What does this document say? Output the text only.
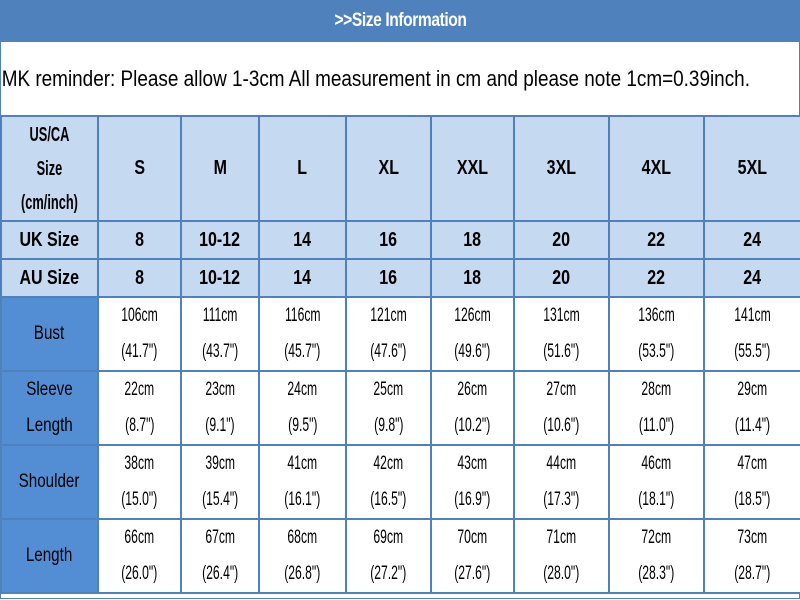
>>Size Information
MK reminder: Please allow 1-3cm All measurement in cm and please note 1cm=0.39inch.
US/CA
Size
(cm/inch)	S	M	L	XL	XXL	3XL	4XL	5XL
UK Size	8	10-12	14	16	18	20	22	24
AU Size	8	10-12	14	16	18	20	22	24
Bust	106cm(41.7")	111cm(43.7")	116cm(45.7")	121cm(47.6")	126cm(49.6")	131cm(51.6")	136cm(53.5")	141cm(55.5")
Sleeve Length	22cm(8.7")	23cm(9.1")	24cm(9.5")	25cm(9.8")	26cm(10.2")	27cm(10.6")	28cm(11.0")	29cm(11.4")
Shoulder	38cm(15.0")	39cm(15.4")	41cm(16.1")	42cm(16.5")	43cm(16.9")	44cm(17.3")	46cm(18.1")	47cm(18.5")
Length	66cm(26.0")	67cm(26.4")	68cm(26.8")	69cm(27.2")	70cm(27.6")	71cm(28.0")	72cm(28.3")	73cm(28.7")
